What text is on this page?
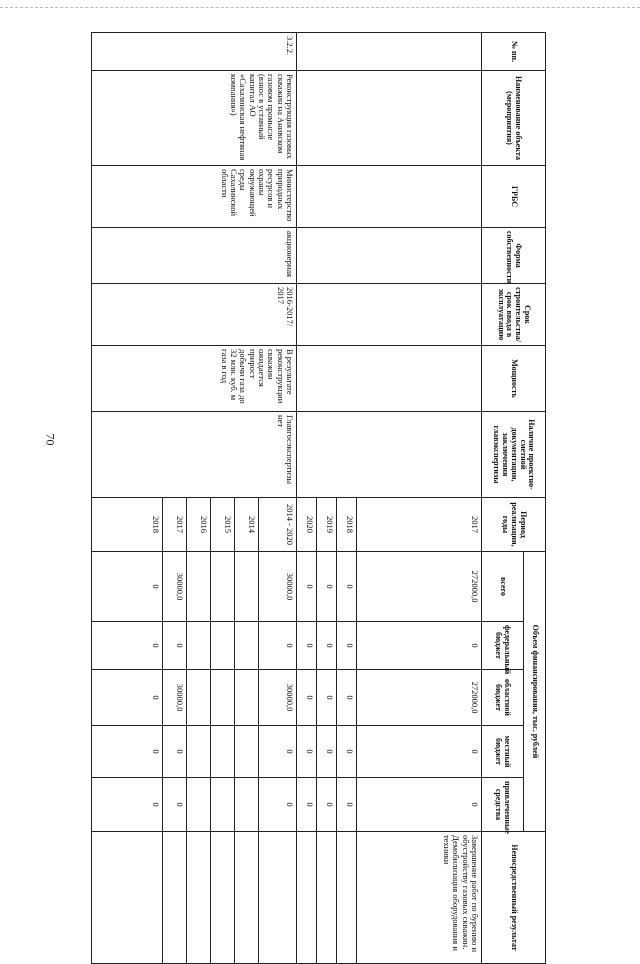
70
№ пп.	Наименование объекта (мероприятия)	ГРБС	Форма собственности	Срок строительства/срок ввода в эксплуатацию	Мощность	Наличие проектно-сметной документации, заключения главэкспертизы	Период реализации, годы	Объем финансирования, тыс. рублей					Непосредственный результат
								всего	федеральный бюджет	областной бюджет	местный бюджет	привлеченные средства	
							2017	272000,0	0	272000,0	0	0	Завершение работ по бурению и обустройству газовых скважин. Демобилизация оборудования и техники
							2018	0	0	0	0	0	
							2019	0	0	0	0	0	
							2020	0	0	0	0	0	
3.2.2.	Реконструкция газовых скважин на Анивском газовом промысле (взнос в уставный капитал АО «Сахалинская нефтяная компания»)	Министерство природных ресурсов и охраны окружающей среды Сахалинской области	акционерная	2016-2017/ 2017	В результате реконструкции скважин ожидается прирост добычи газа до 32 млн. куб. м газа в год	Главгосэкспертизы нет	2014 - 2020	30000,0	0	30000,0	0	0	
							2014						
							2015						
							2016						
							2017	30000,0	0	30000,0	0	0	
							2018	0	0	0	0	0	
